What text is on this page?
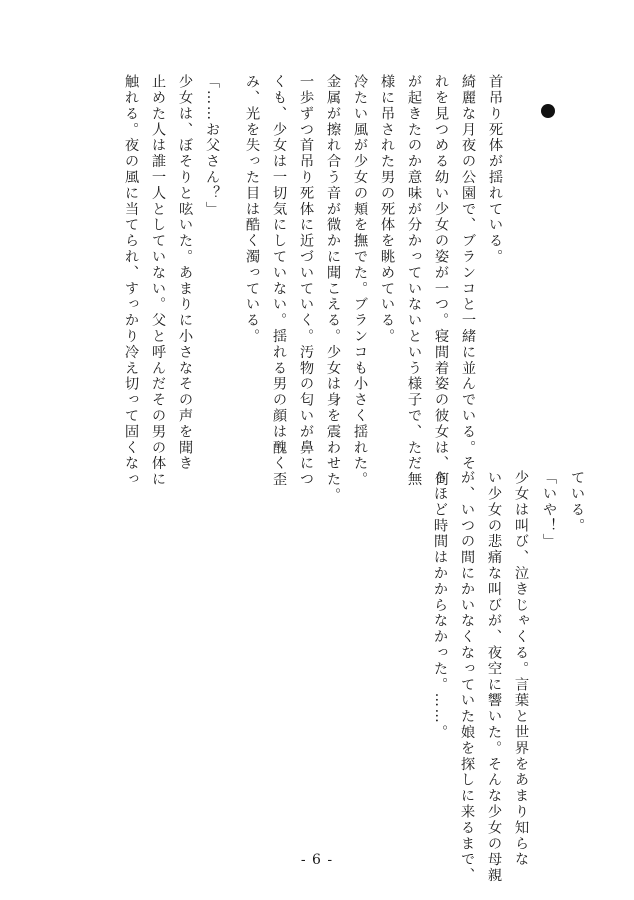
首吊り死体が揺れている。
綺麗な月夜の公園で、ブランコと一緒に並んでいる。そ
れを見つめる幼い少女の姿が一つ。寝間着姿の彼女は、何
が起きたのか意味が分かっていないという様子で、ただ無
様に吊された男の死体を眺めている。
冷たい風が少女の頬を撫でた。ブランコも小さく揺れた。
金属が擦れ合う音が微かに聞こえる。少女は身を震わせた。
一歩ずつ首吊り死体に近づいていく。汚物の匂いが鼻につ
くも、少女は一切気にしていない。揺れる男の顔は醜く歪
み、光を失った目は酷く濁っている。
「……お父さん？」
少女は、ぼそりと呟いた。あまりに小さなその声を聞き
止めた人は誰一人としていない。父と呼んだその男の体に
触れる。夜の風に当てられ、すっかり冷え切って固くなっ
ている。
「いや！」
少女は叫び、泣きじゃくる。言葉と世界をあまり知らな
い少女の悲痛な叫びが、夜空に響いた。そんな少女の母親
が、いつの間にかいなくなっていた娘を探しに来るまで、
さほど時間はかからなかった。……。
- 6 -
